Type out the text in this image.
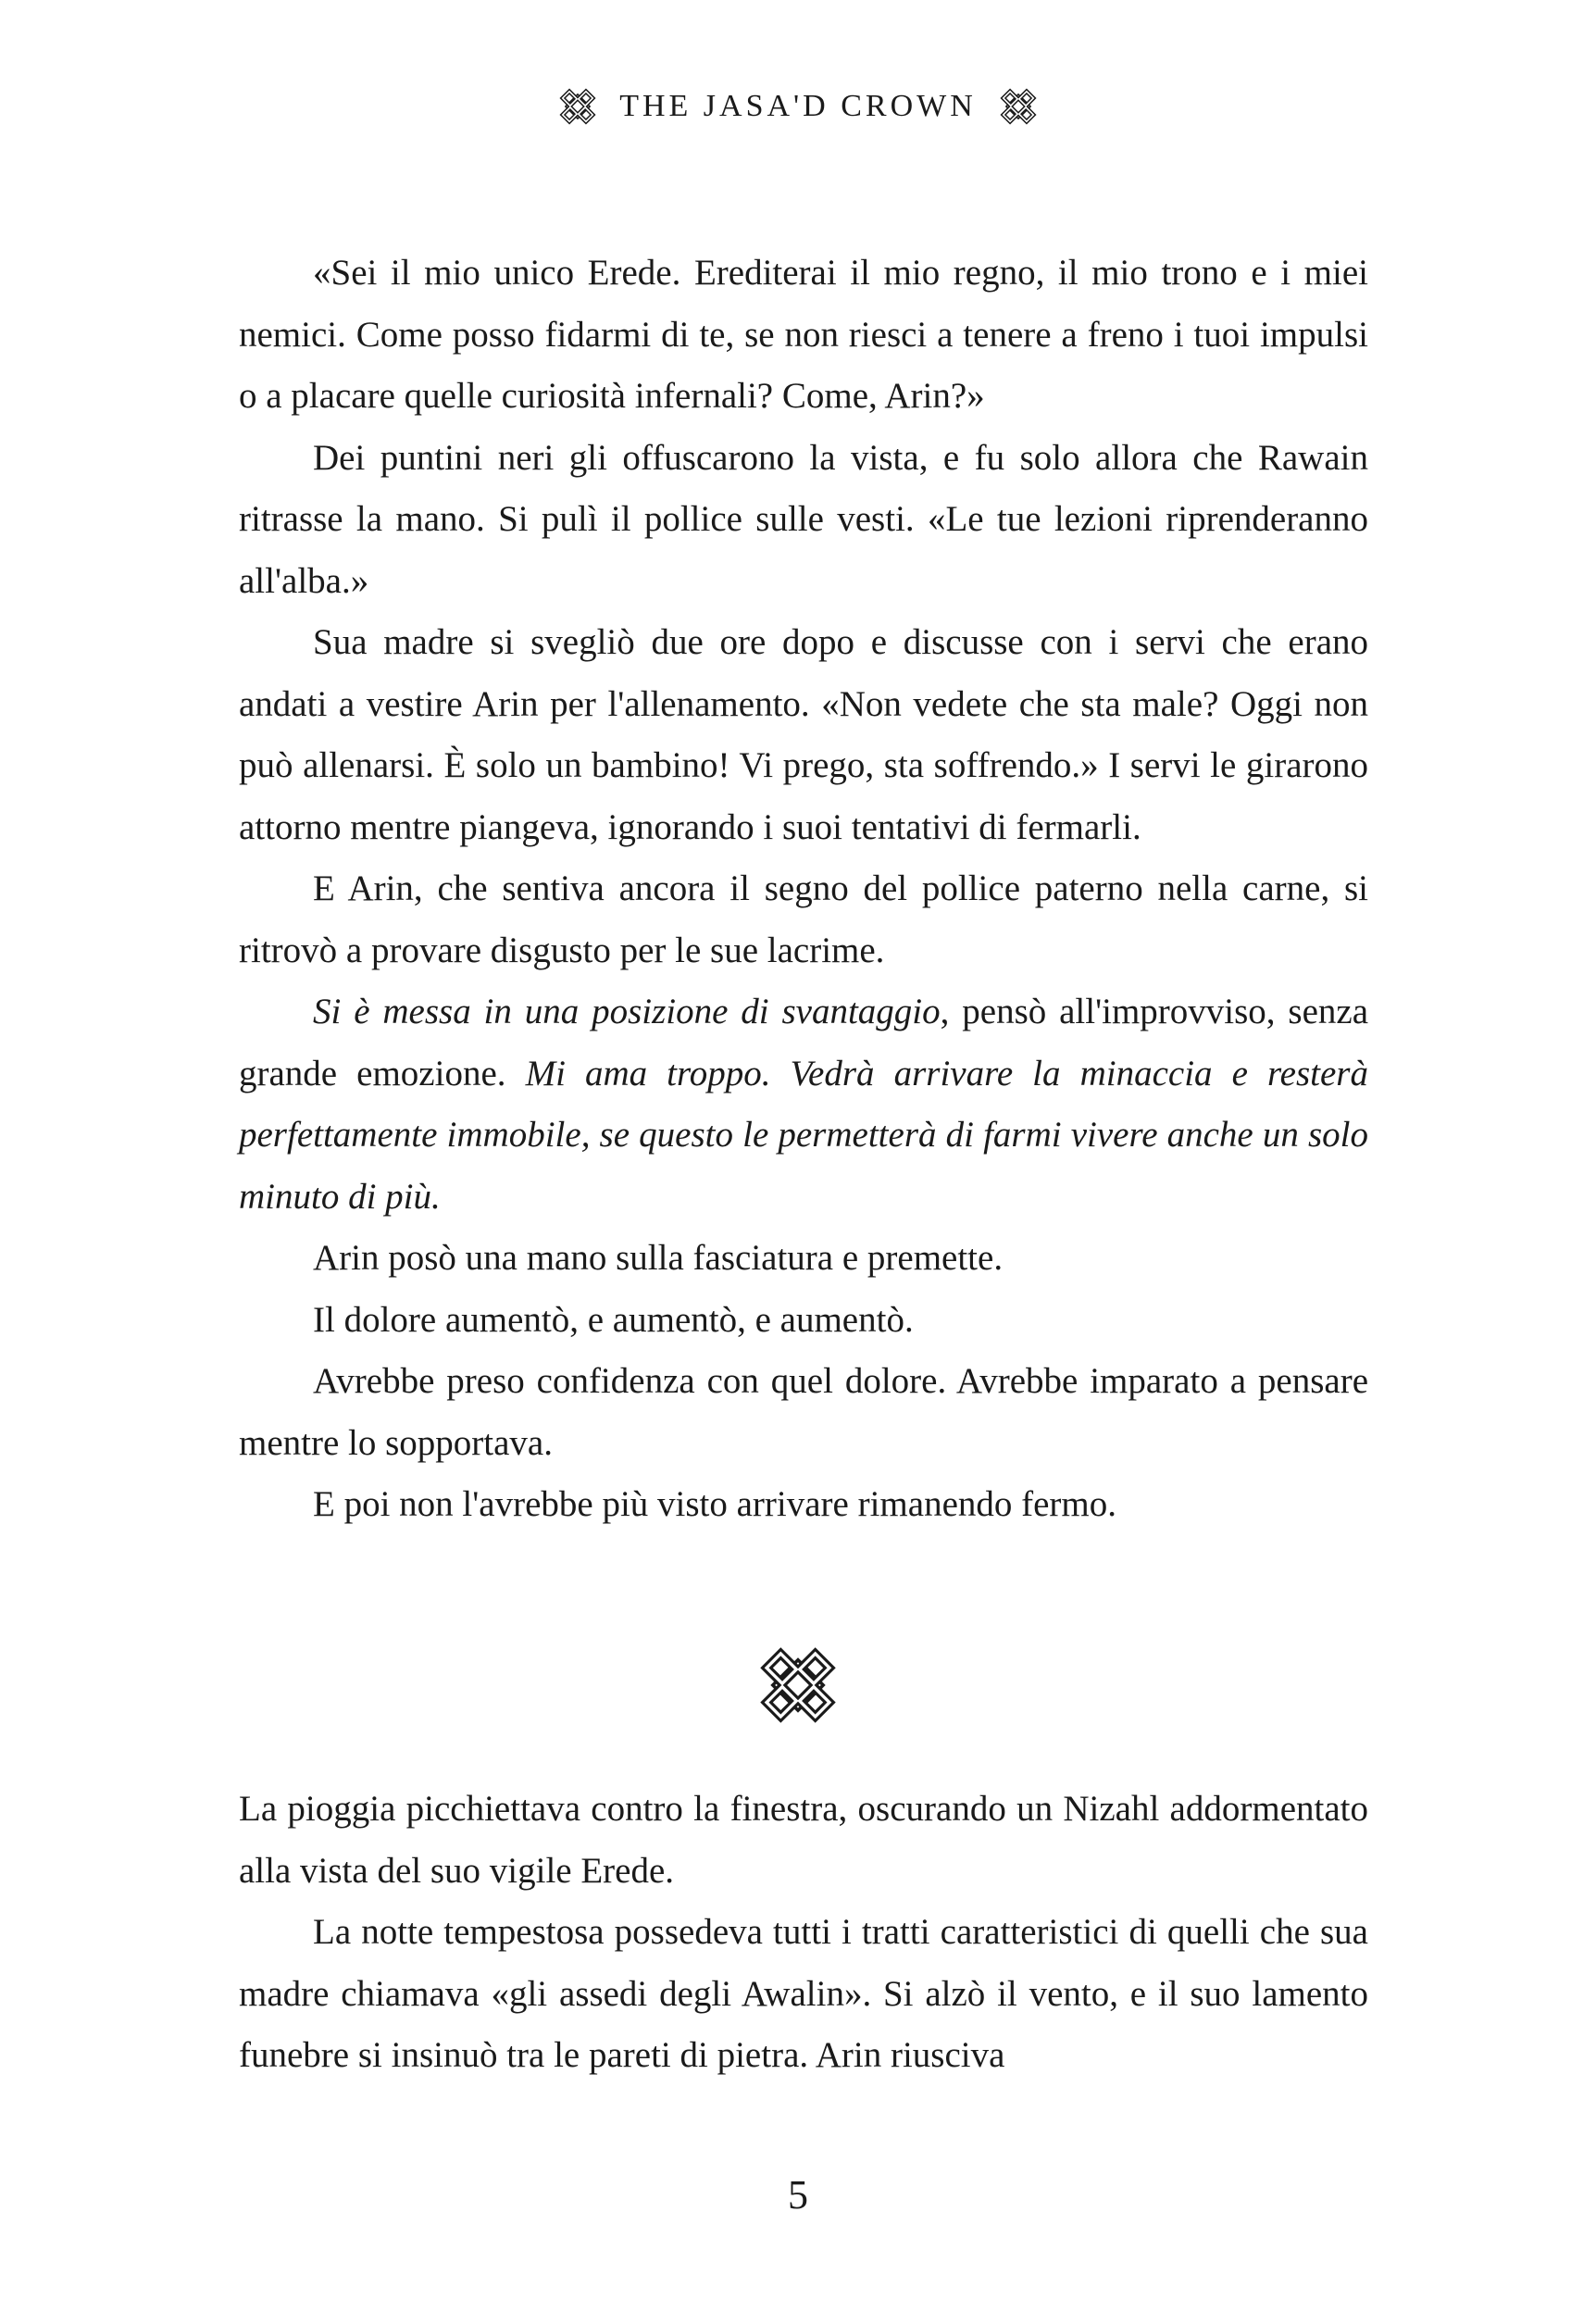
THE JASA'D CROWN

«Sei il mio unico Erede. Erediterai il mio regno, il mio trono e i miei nemici. Come posso fidarmi di te, se non riesci a tenere a freno i tuoi impulsi o a placare quelle curiosità infernali? Come, Arin?»

Dei puntini neri gli offuscarono la vista, e fu solo allora che Rawain ritrasse la mano. Si pulì il pollice sulle vesti. «Le tue lezioni riprenderanno all'alba.»

Sua madre si svegliò due ore dopo e discusse con i servi che erano andati a vestire Arin per l'allenamento. «Non vedete che sta male? Oggi non può allenarsi. È solo un bambino! Vi prego, sta soffrendo.» I servi le girarono attorno mentre piangeva, ignorando i suoi tentativi di fermarli.

E Arin, che sentiva ancora il segno del pollice paterno nella carne, si ritrovò a provare disgusto per le sue lacrime.

Si è messa in una posizione di svantaggio, pensò all'improvviso, senza grande emozione. Mi ama troppo. Vedrà arrivare la minaccia e resterà perfettamente immobile, se questo le permetterà di farmi vivere anche un solo minuto di più.

Arin posò una mano sulla fasciatura e premette.

Il dolore aumentò, e aumentò, e aumentò.

Avrebbe preso confidenza con quel dolore. Avrebbe imparato a pensare mentre lo sopportava.

E poi non l'avrebbe più visto arrivare rimanendo fermo.

La pioggia picchiettava contro la finestra, oscurando un Nizahl addormentato alla vista del suo vigile Erede.

La notte tempestosa possedeva tutti i tratti caratteristici di quelli che sua madre chiamava «gli assedi degli Awalin». Si alzò il vento, e il suo lamento funebre si insinuò tra le pareti di pietra. Arin riusciva

5
